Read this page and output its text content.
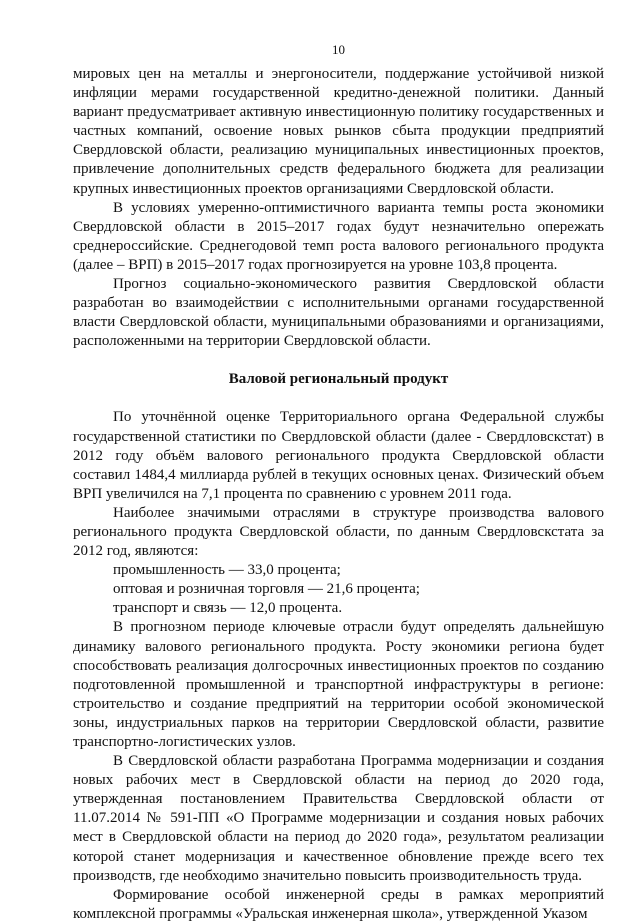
10

мировых цен на металлы и энергоносители, поддержание устойчивой низкой инфляции мерами государственной кредитно-денежной политики. Данный вариант предусматривает активную инвестиционную политику государственных и частных компаний, освоение новых рынков сбыта продукции предприятий Свердловской области, реализацию муниципальных инвестиционных проектов, привлечение дополнительных средств федерального бюджета для реализации крупных инвестиционных проектов организациями Свердловской области.

В условиях умеренно-оптимистичного варианта темпы роста экономики Свердловской области в 2015–2017 годах будут незначительно опережать среднероссийские. Среднегодовой темп роста валового регионального продукта (далее – ВРП) в 2015–2017 годах прогнозируется на уровне 103,8 процента.

Прогноз социально-экономического развития Свердловской области разработан во взаимодействии с исполнительными органами государственной власти Свердловской области, муниципальными образованиями и организациями, расположенными на территории Свердловской области.

Валовой региональный продукт

По уточнённой оценке Территориального органа Федеральной службы государственной статистики по Свердловской области (далее - Свердловскстат) в 2012 году объём валового регионального продукта Свердловской области составил 1484,4 миллиарда рублей в текущих основных ценах. Физический объем ВРП увеличился на 7,1 процента по сравнению с уровнем 2011 года.

Наиболее значимыми отраслями в структуре производства валового регионального продукта Свердловской области, по данным Свердловскстата за 2012 год, являются:

промышленность — 33,0 процента;

оптовая и розничная торговля — 21,6 процента;

транспорт и связь — 12,0 процента.

В прогнозном периоде ключевые отрасли будут определять дальнейшую динамику валового регионального продукта. Росту экономики региона будет способствовать реализация долгосрочных инвестиционных проектов по созданию подготовленной промышленной и транспортной инфраструктуры в регионе: строительство и создание предприятий на территории особой экономической зоны, индустриальных парков на территории Свердловской области, развитие транспортно-логистических узлов.

В Свердловской области разработана Программа модернизации и создания новых рабочих мест в Свердловской области на период до 2020 года, утвержденная постановлением Правительства Свердловской области от 11.07.2014 № 591-ПП «О Программе модернизации и создания новых рабочих мест в Свердловской области на период до 2020 года», результатом реализации которой станет модернизация и качественное обновление прежде всего тех производств, где необходимо значительно повысить производительность труда.

Формирование особой инженерной среды в рамках мероприятий комплексной программы «Уральская инженерная школа», утвержденной Указом
